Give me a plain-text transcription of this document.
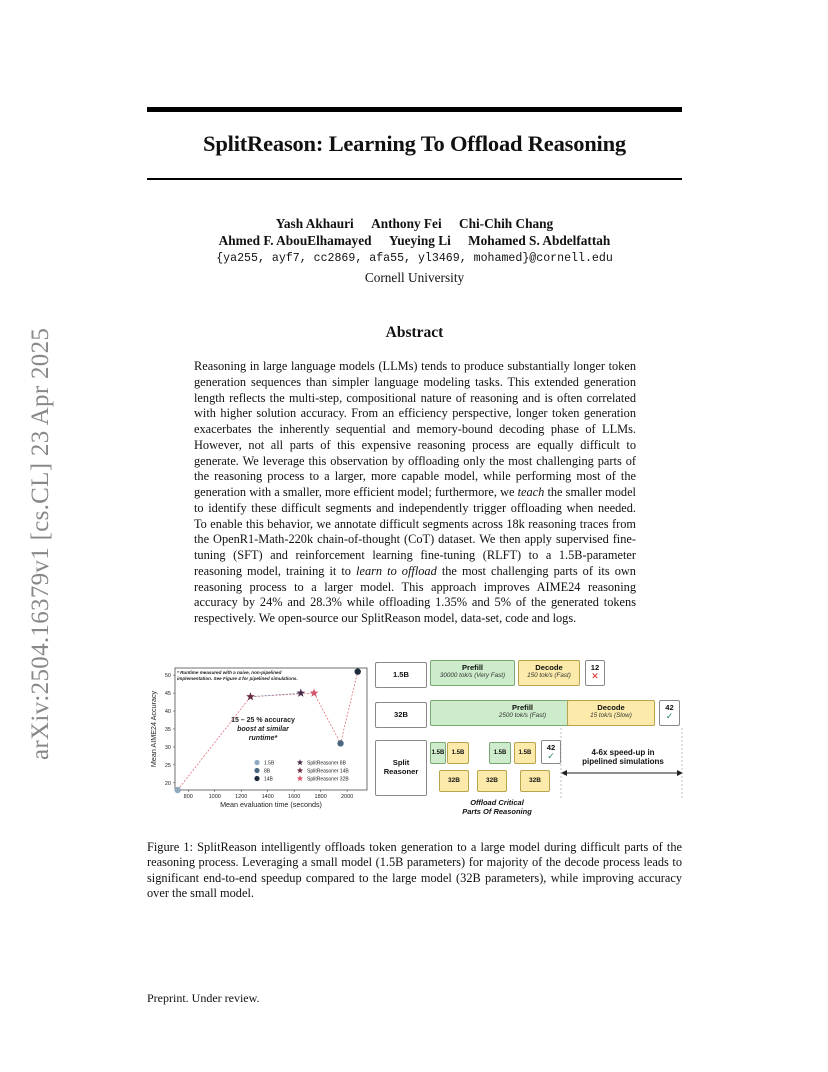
arXiv:2504.16379v1 [cs.CL] 23 Apr 2025
SplitReason: Learning To Offload Reasoning
Yash Akhauri Anthony Fei Chi-Chih Chang
Ahmed F. AbouElhamayed Yueying Li Mohamed S. Abdelfattah
{ya255, ayf7, cc2869, afa55, yl3469, mohamed}@cornell.edu
Cornell University
Abstract

Reasoning in large language models (LLMs) tends to produce substantially longer token generation sequences than simpler language modeling tasks. This extended generation length reflects the multi-step, compositional nature of reasoning and is often correlated with higher solution accuracy. From an efficiency perspective, longer token generation exacerbates the inherently sequential and memory-bound decoding phase of LLMs. However, not all parts of this expensive reasoning process are equally difficult to generate. We leverage this observation by offloading only the most challenging parts of the reasoning process to a larger, more capable model, while performing most of the generation with a smaller, more efficient model; furthermore, we teach the smaller model to identify these difficult segments and independently trigger offloading when needed. To enable this behavior, we annotate difficult segments across 18k reasoning traces from the OpenR1-Math-220k chain-of-thought (CoT) dataset. We then apply supervised fine-tuning (SFT) and reinforcement learning fine-tuning (RLFT) to a 1.5B-parameter reasoning model, training it to learn to offload the most challenging parts of its own reasoning process to a larger model. This approach improves AIME24 reasoning accuracy by 24% and 28.3% while offloading 1.35% and 5% of the generated tokens respectively. We open-source our SplitReason model, data-set, code and logs.

20
25
30
35
40
45
50
800	1000	1200	1400	1600	1800	2000
Mean evaluation time (seconds)
Mean AIME24 Accuracy
* Runtime measured with a naive, non-pipelined
implementation. See Figure 4 for pipelined simulations.
15 – 25 % accuracy
boost at similar
runtime*
1.5B
8B
14B
SplitReasoner 8B
SplitReasoner 14B
SplitReasoner 32B
1.5B
Prefill
30000 tok/s (Very Fast)
Decode
150 tok/s (Fast)
12
✕
32B
Prefill
2500 tok/s (Fast)
Decode
15 tok/s (Slow)
42
✓
Split
Reasoner
1.5B	1.5B
32B	32B
1.5B	1.5B
42
✓
32B
4-6x speed-up in
pipelined simulations
Offload Critical
Parts Of Reasoning
Figure 1: SplitReason intelligently offloads token generation to a large model during difficult parts of the reasoning process. Leveraging a small model (1.5B parameters) for majority of the decode process leads to significant end-to-end speedup compared to the large model (32B parameters), while improving accuracy over the small model.
Preprint. Under review.
